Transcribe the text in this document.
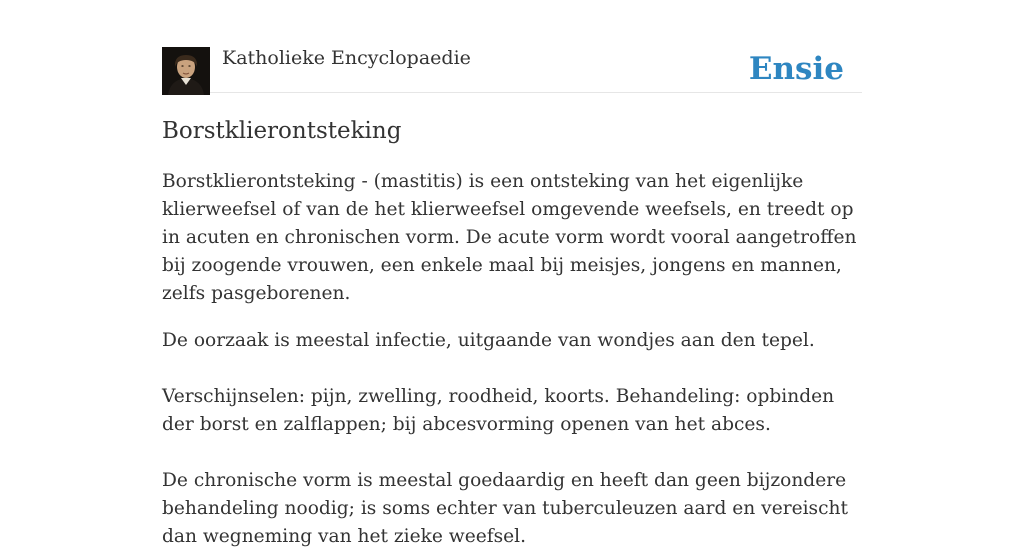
Katholieke Encyclopaedie	Ensie
Borstklierontsteking

Borstklierontsteking - (mastitis) is een ontsteking van het eigenlijke klierweefsel of van de het klierweefsel omgevende weefsels, en treedt op in acuten en chronischen vorm. De acute vorm wordt vooral aangetroffen bij zoogende vrouwen, een enkele maal bij meisjes, jongens en mannen, zelfs pasgeborenen.

De oorzaak is meestal infectie, uitgaande van wondjes aan den tepel.

Verschijnselen: pijn, zwelling, roodheid, koorts. Behandeling: opbinden der borst en zalflappen; bij abcesvorming openen van het abces.

De chronische vorm is meestal goedaardig en heeft dan geen bijzondere behandeling noodig; is soms echter van tuberculeuzen aard en vereischt dan wegneming van het zieke weefsel.
